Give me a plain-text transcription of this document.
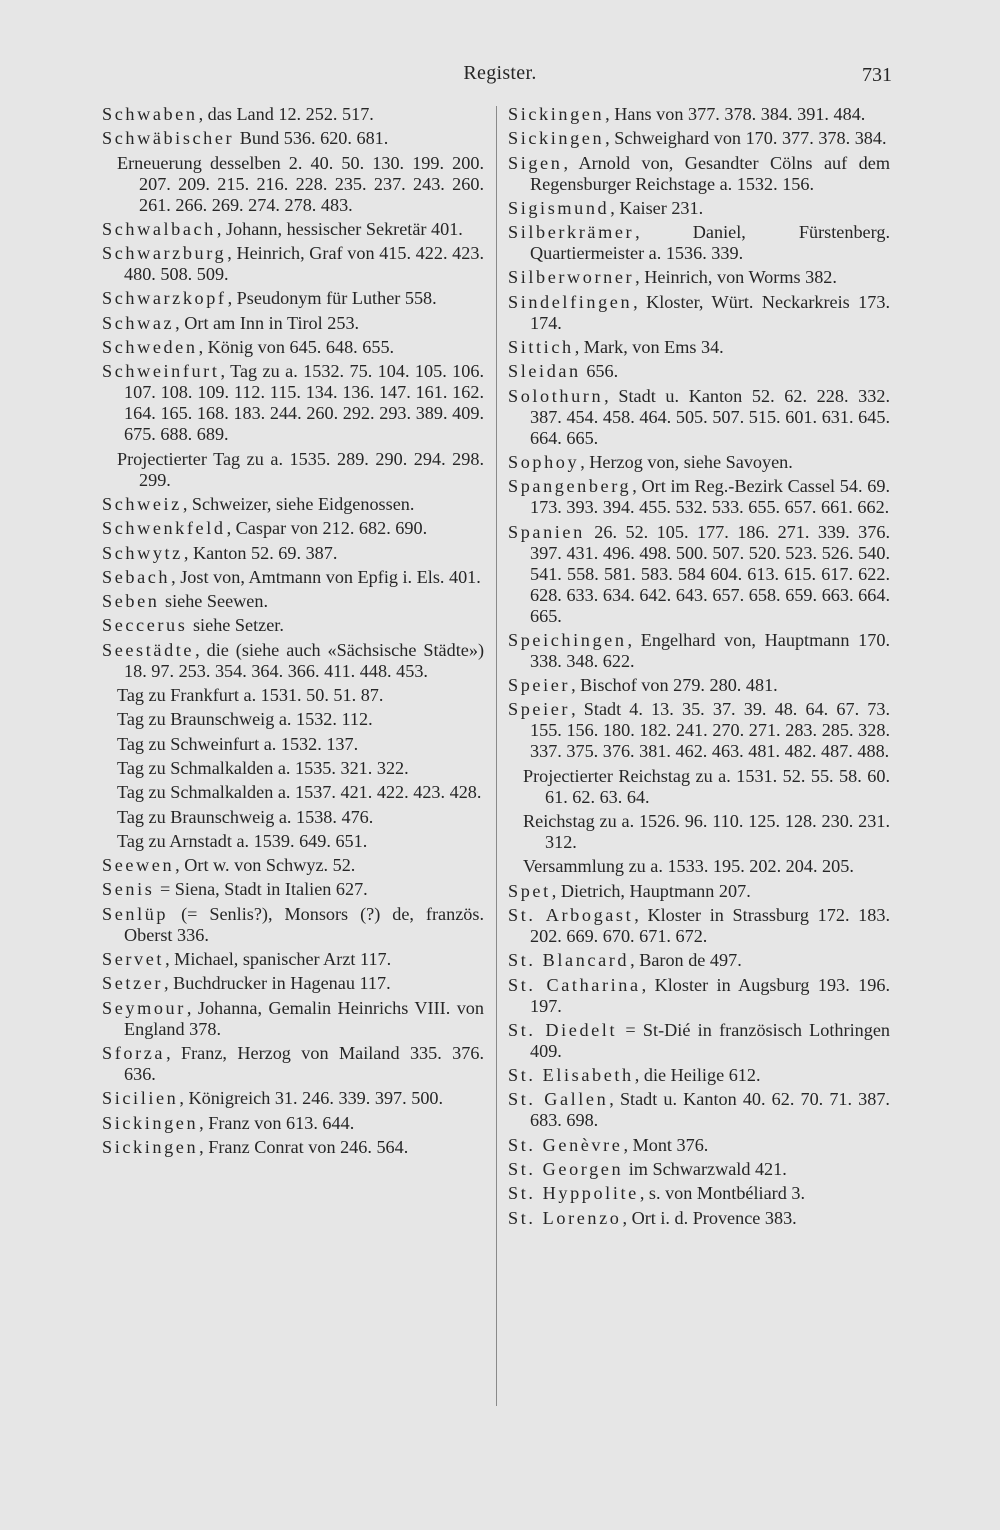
Register.	731
Schwaben, das Land 12. 252. 517.
Schwäbischer Bund 536. 620. 681.
Erneuerung desselben 2. 40. 50. 130. 199. 200. 207. 209. 215. 216. 228. 235. 237. 243. 260. 261. 266. 269. 274. 278. 483.
Schwalbach, Johann, hessischer Sekretär 401.
Schwarzburg, Heinrich, Graf von 415. 422. 423. 480. 508. 509.
Schwarzkopf, Pseudonym für Luther 558.
Schwaz, Ort am Inn in Tirol 253.
Schweden, König von 645. 648. 655.
Schweinfurt, Tag zu a. 1532. 75. 104. 105. 106. 107. 108. 109. 112. 115. 134. 136. 147. 161. 162. 164. 165. 168. 183. 244. 260. 292. 293. 389. 409. 675. 688. 689.
Projectierter Tag zu a. 1535. 289. 290. 294. 298. 299.
Schweiz, Schweizer, siehe Eidgenossen.
Schwenkfeld, Caspar von 212. 682. 690.
Schwytz, Kanton 52. 69. 387.
Sebach, Jost von, Amtmann von Epfig i. Els. 401.
Seben siehe Seewen.
Seccerus siehe Setzer.
Seestädte, die (siehe auch «Sächsische Städte») 18. 97. 253. 354. 364. 366. 411. 448. 453.
Tag zu Frankfurt a. 1531. 50. 51. 87.
Tag zu Braunschweig a. 1532. 112.
Tag zu Schweinfurt a. 1532. 137.
Tag zu Schmalkalden a. 1535. 321. 322.
Tag zu Schmalkalden a. 1537. 421. 422. 423. 428.
Tag zu Braunschweig a. 1538. 476.
Tag zu Arnstadt a. 1539. 649. 651.
Seewen, Ort w. von Schwyz. 52.
Senis = Siena, Stadt in Italien 627.
Senlüp (= Senlis?), Monsors (?) de, französ. Oberst 336.
Servet, Michael, spanischer Arzt 117.
Setzer, Buchdrucker in Hagenau 117.
Seymour, Johanna, Gemalin Heinrichs VIII. von England 378.
Sforza, Franz, Herzog von Mailand 335. 376. 636.
Sicilien, Königreich 31. 246. 339. 397. 500.
Sickingen, Franz von 613. 644.
Sickingen, Franz Conrat von 246. 564.
Sickingen, Hans von 377. 378. 384. 391. 484.
Sickingen, Schweighard von 170. 377. 378. 384.
Sigen, Arnold von, Gesandter Cölns auf dem Regensburger Reichstage a. 1532. 156.
Sigismund, Kaiser 231.
Silberkrämer, Daniel, Fürstenberg. Quartiermeister a. 1536. 339.
Silberworner, Heinrich, von Worms 382.
Sindelfingen, Kloster, Würt. Neckarkreis 173. 174.
Sittich, Mark, von Ems 34.
Sleidan 656.
Solothurn, Stadt u. Kanton 52. 62. 228. 332. 387. 454. 458. 464. 505. 507. 515. 601. 631. 645. 664. 665.
Sophoy, Herzog von, siehe Savoyen.
Spangenberg, Ort im Reg.-Bezirk Cassel 54. 69. 173. 393. 394. 455. 532. 533. 655. 657. 661. 662.
Spanien 26. 52. 105. 177. 186. 271. 339. 376. 397. 431. 496. 498. 500. 507. 520. 523. 526. 540. 541. 558. 581. 583. 584 604. 613. 615. 617. 622. 628. 633. 634. 642. 643. 657. 658. 659. 663. 664. 665.
Speichingen, Engelhard von, Hauptmann 170. 338. 348. 622.
Speier, Bischof von 279. 280. 481.
Speier, Stadt 4. 13. 35. 37. 39. 48. 64. 67. 73. 155. 156. 180. 182. 241. 270. 271. 283. 285. 328. 337. 375. 376. 381. 462. 463. 481. 482. 487. 488.
Projectierter Reichstag zu a. 1531. 52. 55. 58. 60. 61. 62. 63. 64.
Reichstag zu a. 1526. 96. 110. 125. 128. 230. 231. 312.
Versammlung zu a. 1533. 195. 202. 204. 205.
Spet, Dietrich, Hauptmann 207.
St. Arbogast, Kloster in Strassburg 172. 183. 202. 669. 670. 671. 672.
St. Blancard, Baron de 497.
St. Catharina, Kloster in Augsburg 193. 196. 197.
St. Diedelt = St-Dié in französisch Lothringen 409.
St. Elisabeth, die Heilige 612.
St. Gallen, Stadt u. Kanton 40. 62. 70. 71. 387. 683. 698.
St. Genèvre, Mont 376.
St. Georgen im Schwarzwald 421.
St. Hyppolite, s. von Montbéliard 3.
St. Lorenzo, Ort i. d. Provence 383.
